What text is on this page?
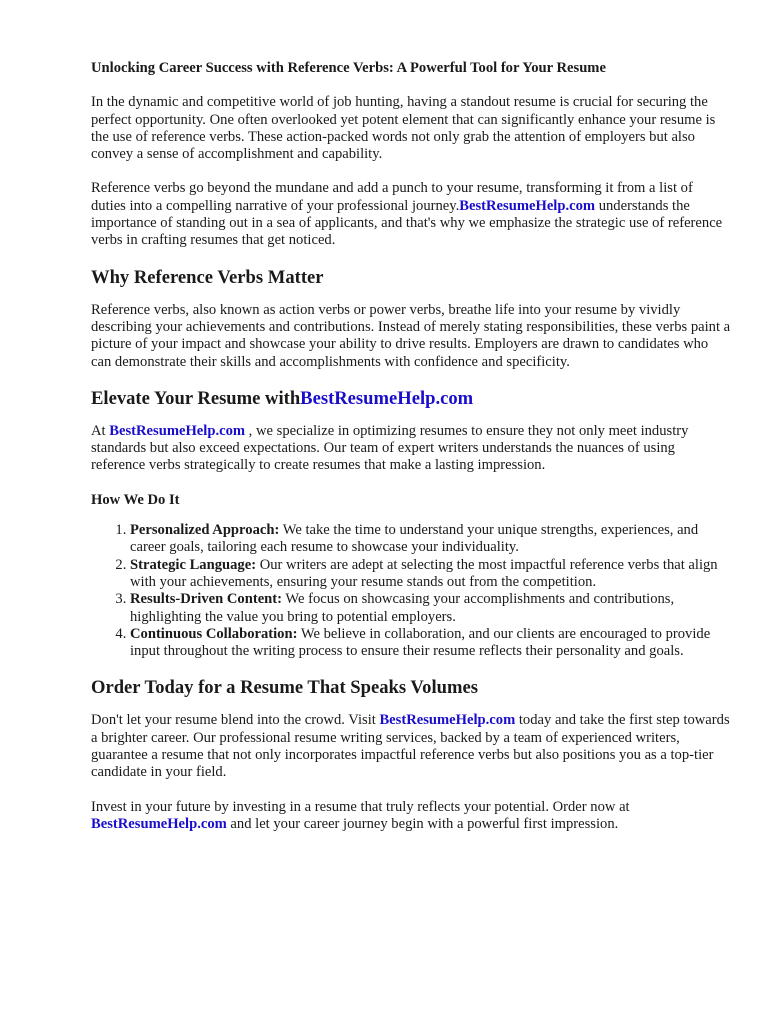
Unlocking Career Success with Reference Verbs: A Powerful Tool for Your Resume

In the dynamic and competitive world of job hunting, having a standout resume is crucial for securing the perfect opportunity. One often overlooked yet potent element that can significantly enhance your resume is the use of reference verbs. These action-packed words not only grab the attention of employers but also convey a sense of accomplishment and capability.

Reference verbs go beyond the mundane and add a punch to your resume, transforming it from a list of duties into a compelling narrative of your professional journey.BestResumeHelp.com understands the importance of standing out in a sea of applicants, and that's why we emphasize the strategic use of reference verbs in crafting resumes that get noticed.

Why Reference Verbs Matter

Reference verbs, also known as action verbs or power verbs, breathe life into your resume by vividly describing your achievements and contributions. Instead of merely stating responsibilities, these verbs paint a picture of your impact and showcase your ability to drive results. Employers are drawn to candidates who can demonstrate their skills and accomplishments with confidence and specificity.

Elevate Your Resume withBestResumeHelp.com

At BestResumeHelp.com , we specialize in optimizing resumes to ensure they not only meet industry standards but also exceed expectations. Our team of expert writers understands the nuances of using reference verbs strategically to create resumes that make a lasting impression.

How We Do It
1. Personalized Approach: We take the time to understand your unique strengths, experiences, and career goals, tailoring each resume to showcase your individuality.
2. Strategic Language: Our writers are adept at selecting the most impactful reference verbs that align with your achievements, ensuring your resume stands out from the competition.
3. Results-Driven Content: We focus on showcasing your accomplishments and contributions, highlighting the value you bring to potential employers.
4. Continuous Collaboration: We believe in collaboration, and our clients are encouraged to provide input throughout the writing process to ensure their resume reflects their personality and goals.
Order Today for a Resume That Speaks Volumes

Don't let your resume blend into the crowd. Visit BestResumeHelp.com today and take the first step towards a brighter career. Our professional resume writing services, backed by a team of experienced writers, guarantee a resume that not only incorporates impactful reference verbs but also positions you as a top-tier candidate in your field.

Invest in your future by investing in a resume that truly reflects your potential. Order now at BestResumeHelp.com and let your career journey begin with a powerful first impression.
